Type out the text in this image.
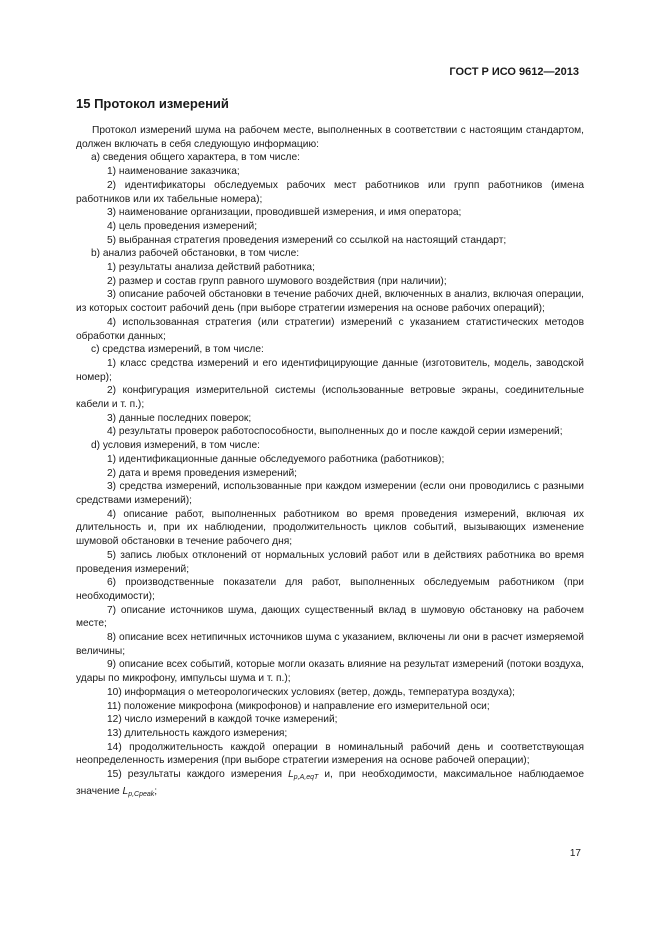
ГОСТ Р ИСО 9612—2013
15 Протокол измерений

Протокол измерений шума на рабочем месте, выполненных в соответствии с настоящим стандартом, должен включать в себя следующую информацию:

a) сведения общего характера, в том числе:

1) наименование заказчика;

2) идентификаторы обследуемых рабочих мест работников или групп работников (имена работников или их табельные номера);

3) наименование организации, проводившей измерения, и имя оператора;

4) цель проведения измерений;

5) выбранная стратегия проведения измерений со ссылкой на настоящий стандарт;

b) анализ рабочей обстановки, в том числе:

1) результаты анализа действий работника;

2) размер и состав групп равного шумового воздействия (при наличии);

3) описание рабочей обстановки в течение рабочих дней, включенных в анализ, включая операции, из которых состоит рабочий день (при выборе стратегии измерения на основе рабочих операций);

4) использованная стратегия (или стратегии) измерений с указанием статистических методов обработки данных;

c) средства измерений, в том числе:

1) класс средства измерений и его идентифицирующие данные (изготовитель, модель, заводской номер);

2) конфигурация измерительной системы (использованные ветровые экраны, соединительные кабели и т. п.);

3) данные последних поверок;

4) результаты проверок работоспособности, выполненных до и после каждой серии измерений;

d) условия измерений, в том числе:

1) идентификационные данные обследуемого работника (работников);

2) дата и время проведения измерений;

3) средства измерений, использованные при каждом измерении (если они проводились с разными средствами измерений);

4) описание работ, выполненных работником во время проведения измерений, включая их длительность и, при их наблюдении, продолжительность циклов событий, вызывающих изменение шумовой обстановки в течение рабочего дня;

5) запись любых отклонений от нормальных условий работ или в действиях работника во время проведения измерений;

6) производственные показатели для работ, выполненных обследуемым работником (при необходимости);

7) описание источников шума, дающих существенный вклад в шумовую обстановку на рабочем месте;

8) описание всех нетипичных источников шума с указанием, включены ли они в расчет измеряемой величины;

9) описание всех событий, которые могли оказать влияние на результат измерений (потоки воздуха, удары по микрофону, импульсы шума и т. п.);

10) информация о метеорологических условиях (ветер, дождь, температура воздуха);

11) положение микрофона (микрофонов) и направление его измерительной оси;

12) число измерений в каждой точке измерений;

13) длительность каждого измерения;

14) продолжительность каждой операции в номинальный рабочий день и соответствующая неопределенность измерения (при выборе стратегии измерения на основе рабочей операции);

15) результаты каждого измерения $L_{p,A,eqT}$ и, при необходимости, максимальное наблюдаемое значение $L_{p,Cpeak}$;

17
